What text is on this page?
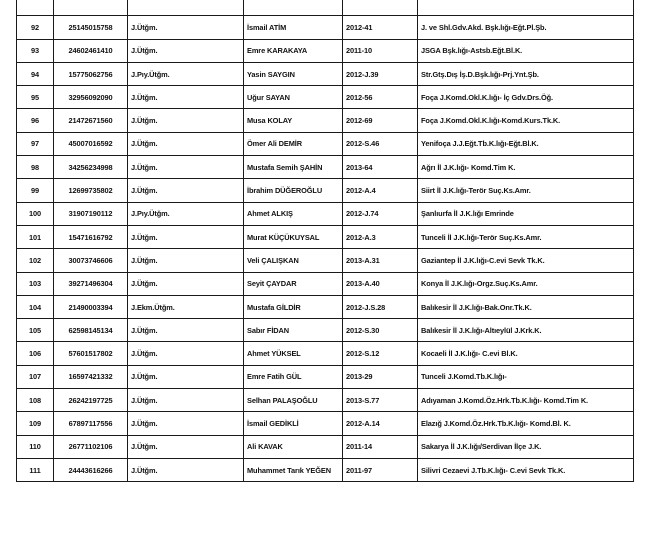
92	25145015758	J.Ütğm.	İsmail ATİM	2012-41	J. ve Shl.Gdv.Akd. Bşk.lığı-Eğt.Pl.Şb.
93	24602461410	J.Ütğm.	Emre KARAKAYA	2011-10	JSGA Bşk.lığı-Astsb.Eğt.Bl.K.
94	15775062756	J.Pıy.Ütğm.	Yasin SAYGIN	2012-J.39	Str.Gtş.Dış İş.D.Bşk.lığı-Prj.Ynt.Şb.
95	32956092090	J.Ütğm.	Uğur SAYAN	2012-56	Foça J.Komd.Okl.K.lığı- İç Gdv.Drs.Öğ.
96	21472671560	J.Ütğm.	Musa KOLAY	2012-69	Foça J.Komd.Okl.K.lığı-Komd.Kurs.Tk.K.
97	45007016592	J.Ütğm.	Ömer Ali DEMİR	2012-S.46	Yenifoça J.J.Eğt.Tb.K.lığı-Eğt.Bl.K.
98	34256234998	J.Ütğm.	Mustafa Semih ŞAHİN	2013-64	Ağrı İl J.K.lığı- Komd.Tim K.
99	12699735802	J.Ütğm.	İbrahim DÜĞEROĞLU	2012-A.4	Siirt İl J.K.lığı-Terör Suç.Ks.Amr.
100	31907190112	J.Pıy.Ütğm.	Ahmet ALKIŞ	2012-J.74	Şanlıurfa İl J.K.lığı Emrinde
101	15471616792	J.Ütğm.	Murat KÜÇÜKUYSAL	2012-A.3	Tunceli İl J.K.lığı-Terör Suç.Ks.Amr.
102	30073746606	J.Ütğm.	Veli ÇALIŞKAN	2013-A.31	Gaziantep İl J.K.lığı-C.evi Sevk Tk.K.
103	39271496304	J.Ütğm.	Seyit ÇAYDAR	2013-A.40	Konya İl J.K.lığı-Orgz.Suç.Ks.Amr.
104	21490003394	J.Ekm.Ütğm.	Mustafa GİLDİR	2012-J.S.28	Balıkesir İl J.K.lığı-Bak.Onr.Tk.K.
105	62598145134	J.Ütğm.	Sabır FİDAN	2012-S.30	Balıkesir İl J.K.lığı-Altıeylül J.Krk.K.
106	57601517802	J.Ütğm.	Ahmet YÜKSEL	2012-S.12	Kocaeli İl J.K.lığı- C.evi Bl.K.
107	16597421332	J.Ütğm.	Emre Fatih GÜL	2013-29	Tunceli J.Komd.Tb.K.lığı-
108	26242197725	J.Ütğm.	Selhan PALAŞOĞLU	2013-S.77	Adıyaman J.Komd.Öz.Hrk.Tb.K.lığı- Komd.Tim K.
109	67897117556	J.Ütğm.	İsmail GEDİKLİ	2012-A.14	Elazığ J.Komd.Öz.Hrk.Tb.K.lığı- Komd.Bl. K.
110	26771102106	J.Ütğm.	Ali KAVAK	2011-14	Sakarya İl J.K.lığı/Serdivan İlçe J.K.
111	24443616266	J.Ütğm.	Muhammet Tarık YEĞEN	2011-97	Silivri Cezaevi J.Tb.K.lığı- C.evi Sevk Tk.K.
